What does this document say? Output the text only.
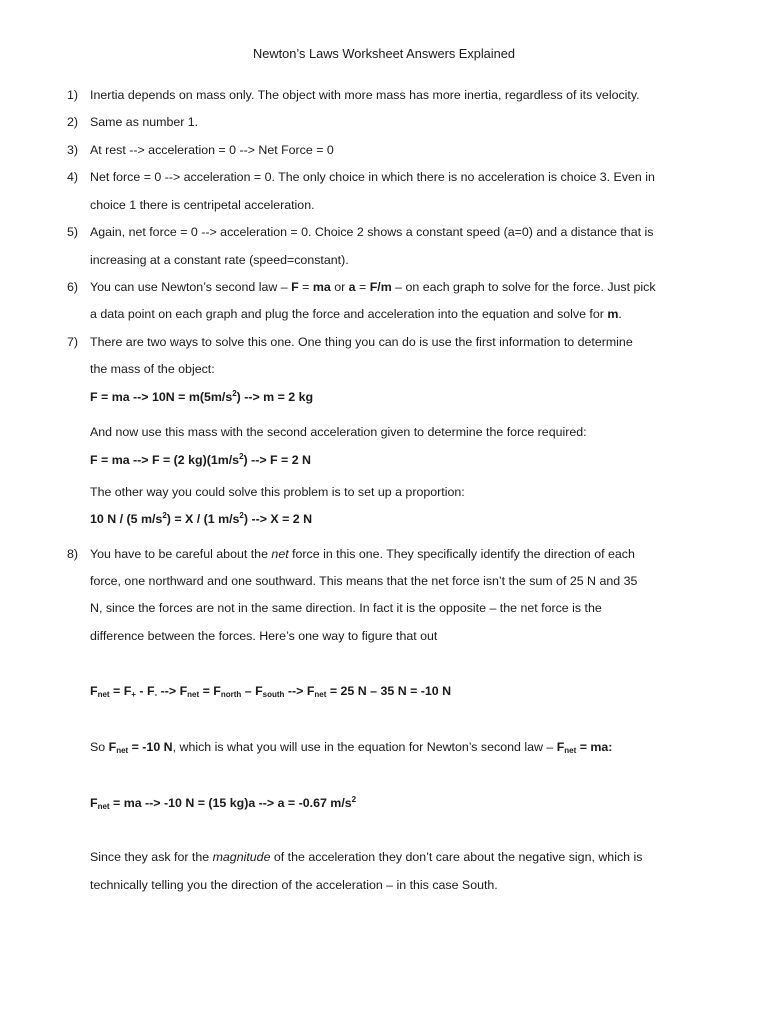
Newton’s Laws Worksheet Answers Explained
1) Inertia depends on mass only. The object with more mass has more inertia, regardless of its velocity.
2) Same as number 1.
3) At rest --> acceleration = 0 --> Net Force = 0
4) Net force = 0 --> acceleration = 0. The only choice in which there is no acceleration is choice 3. Even in
choice 1 there is centripetal acceleration.
5) Again, net force = 0 --> acceleration = 0. Choice 2 shows a constant speed (a=0) and a distance that is
increasing at a constant rate (speed=constant).
6) You can use Newton’s second law – F = ma or a = F/m – on each graph to solve for the force. Just pick
a data point on each graph and plug the force and acceleration into the equation and solve for m.
7) There are two ways to solve this one. One thing you can do is use the first information to determine
the mass of the object:
F = ma --> $10N = m(5m/s^2)$ --> m = 2 kg
And now use this mass with the second acceleration given to determine the force required:
F = ma --> F = (2 $kg)(1m/s^2)$ --> F = 2 N
The other way you could solve this problem is to set up a proportion:
10 N / (5 $m/s^2) = X / (1$ $m/s^2$) --> X = 2 N
8) You have to be careful about the net force in this one. They specifically identify the direction of each
force, one northward and one southward. This means that the net force isn’t the sum of 25 N and 35
N, since the forces are not in the same direction. In fact it is the opposite – the net force is the
difference between the forces. Here’s one way to figure that out
$F_{net} = F_+ - F_-$ --> $F_{net} = F_{north} - F_{south}$ --> $F_{net} = 25$ N – 35 N = -10 N
So $F_{net} = -10$ N, which is what you will use in the equation for Newton’s second law – $F_{net}$ = ma:
$F_{net}$ = ma --> -10 N = (15 kg)a --> a = -0.67 $m/s^2$
Since they ask for the magnitude of the acceleration they don’t care about the negative sign, which is
technically telling you the direction of the acceleration – in this case South.
